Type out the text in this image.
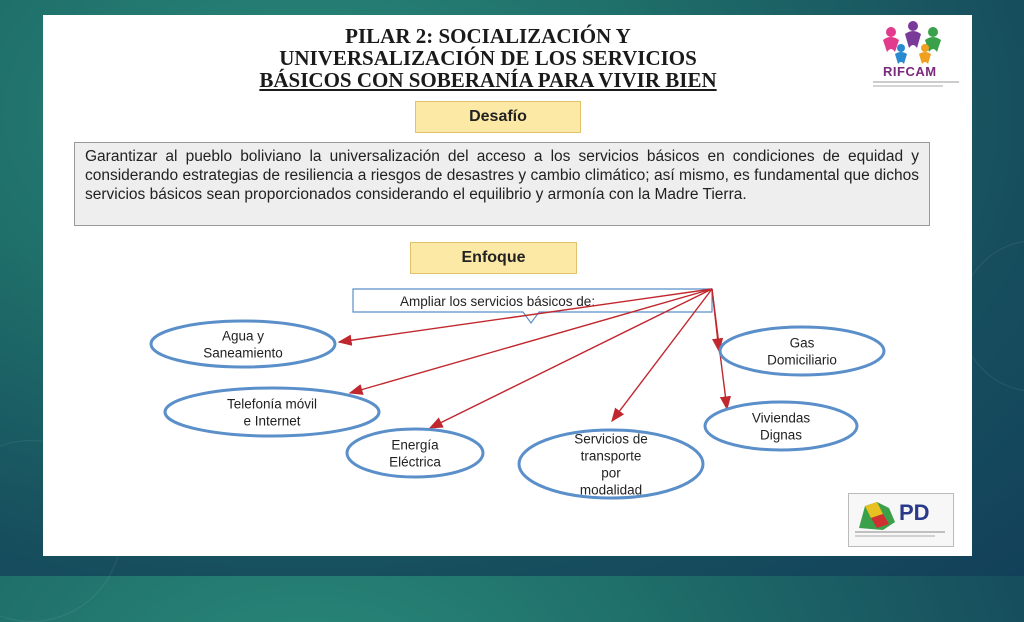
PILAR 2: SOCIALIZACIÓN Y
UNIVERSALIZACIÓN DE LOS SERVICIOS
BÁSICOS CON SOBERANÍA PARA VIVIR BIEN	RIFCAM
Desafío
Garantizar al pueblo boliviano la universalización del acceso a los servicios básicos en condiciones de equidad y considerando estrategias de resiliencia a riesgos de desastres y cambio climático; así mismo, es fundamental que dichos servicios básicos sean proporcionados considerando el equilibrio y armonía con la Madre Tierra.
Enfoque
Ampliar los servicios básicos de:
Agua y
Saneamiento
Telefonía móvil
e Internet
Energía
Eléctrica
Servicios de
transporte
por
modalidad
Viviendas
Dignas
Gas
Domiciliario
PD
